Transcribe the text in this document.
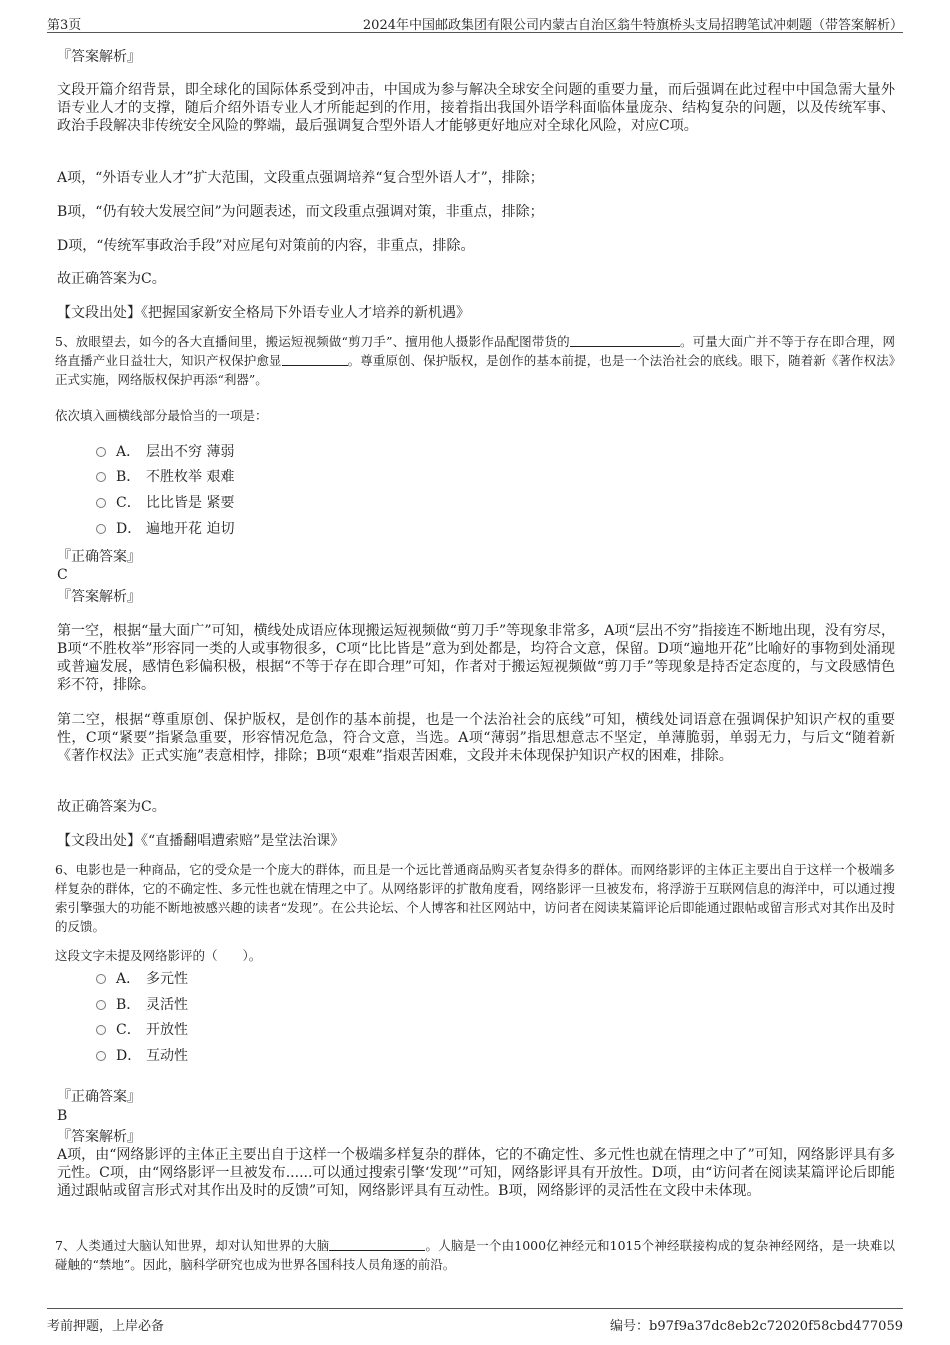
第3页	2024年中国邮政集团有限公司内蒙古自治区翁牛特旗桥头支局招聘笔试冲刺题（带答案解析）

『答案解析』

文段开篇介绍背景，即全球化的国际体系受到冲击，中国成为参与解决全球安全问题的重要力量，而后强调在此过程中中国急需大量外语专业人才的支撑，随后介绍外语专业人才所能起到的作用，接着指出我国外语学科面临体量庞杂、结构复杂的问题，以及传统军事、政治手段解决非传统安全风险的弊端，最后强调复合型外语人才能够更好地应对全球化风险，对应C项。

A项，“外语专业人才”扩大范围，文段重点强调培养“复合型外语人才”，排除；

B项，“仍有较大发展空间”为问题表述，而文段重点强调对策，非重点，排除；

D项，“传统军事政治手段”对应尾句对策前的内容，非重点，排除。

故正确答案为C。

【文段出处】《把握国家新安全格局下外语专业人才培养的新机遇》

5、放眼望去，如今的各大直播间里，搬运短视频做“剪刀手”、擅用他人摄影作品配图带货的	。可量大面广并不等于存在即合理，网络直播产业日益壮大，知识产权保护愈显	。尊重原创、保护版权，是创作的基本前提，也是一个法治社会的底线。眼下，随着新《著作权法》正式实施，网络版权保护再添“利器”。

依次填入画横线部分最恰当的一项是：

A． 层出不穷 薄弱
B． 不胜枚举 艰难
C． 比比皆是 紧要
D． 遍地开花 迫切

『正确答案』

C

『答案解析』

第一空，根据“量大面广”可知，横线处成语应体现搬运短视频做“剪刀手”等现象非常多，A项“层出不穷”指接连不断地出现，没有穷尽，B项“不胜枚举”形容同一类的人或事物很多，C项“比比皆是”意为到处都是，均符合文意，保留。D项“遍地开花”比喻好的事物到处涌现或普遍发展，感情色彩偏积极，根据“不等于存在即合理”可知，作者对于搬运短视频做“剪刀手”等现象是持否定态度的，与文段感情色彩不符，排除。

第二空，根据“尊重原创、保护版权，是创作的基本前提，也是一个法治社会的底线”可知，横线处词语意在强调保护知识产权的重要性，C项“紧要”指紧急重要，形容情况危急，符合文意，当选。A项“薄弱”指思想意志不坚定，单薄脆弱，单弱无力，与后文“随着新《著作权法》正式实施”表意相悖，排除；B项“艰难”指艰苦困难，文段并未体现保护知识产权的困难，排除。

故正确答案为C。

【文段出处】《“直播翻唱遭索赔”是堂法治课》

6、电影也是一种商品，它的受众是一个庞大的群体，而且是一个远比普通商品购买者复杂得多的群体。而网络影评的主体正主要出自于这样一个极端多样复杂的群体，它的不确定性、多元性也就在情理之中了。从网络影评的扩散角度看，网络影评一旦被发布，将浮游于互联网信息的海洋中，可以通过搜索引擎强大的功能不断地被感兴趣的读者“发现”。在公共论坛、个人博客和社区网站中，访问者在阅读某篇评论后即能通过跟帖或留言形式对其作出及时的反馈。

这段文字未提及网络影评的（　　）。

A． 多元性
B． 灵活性
C． 开放性
D． 互动性

『正确答案』

B

『答案解析』

A项，由“网络影评的主体正主要出自于这样一个极端多样复杂的群体，它的不确定性、多元性也就在情理之中了”可知，网络影评具有多元性。C项，由“网络影评一旦被发布......可以通过搜索引擎‘发现’”可知，网络影评具有开放性。D项，由“访问者在阅读某篇评论后即能通过跟帖或留言形式对其作出及时的反馈”可知，网络影评具有互动性。B项，网络影评的灵活性在文段中未体现。

7、人类通过大脑认知世界，却对认知世界的大脑	。人脑是一个由1000亿神经元和1015个神经联接构成的复杂神经网络，是一块难以碰触的“禁地”。因此，脑科学研究也成为世界各国科技人员角逐的前沿。

考前押题，上岸必备	编号：b97f9a37dc8eb2c72020f58cbd477059
